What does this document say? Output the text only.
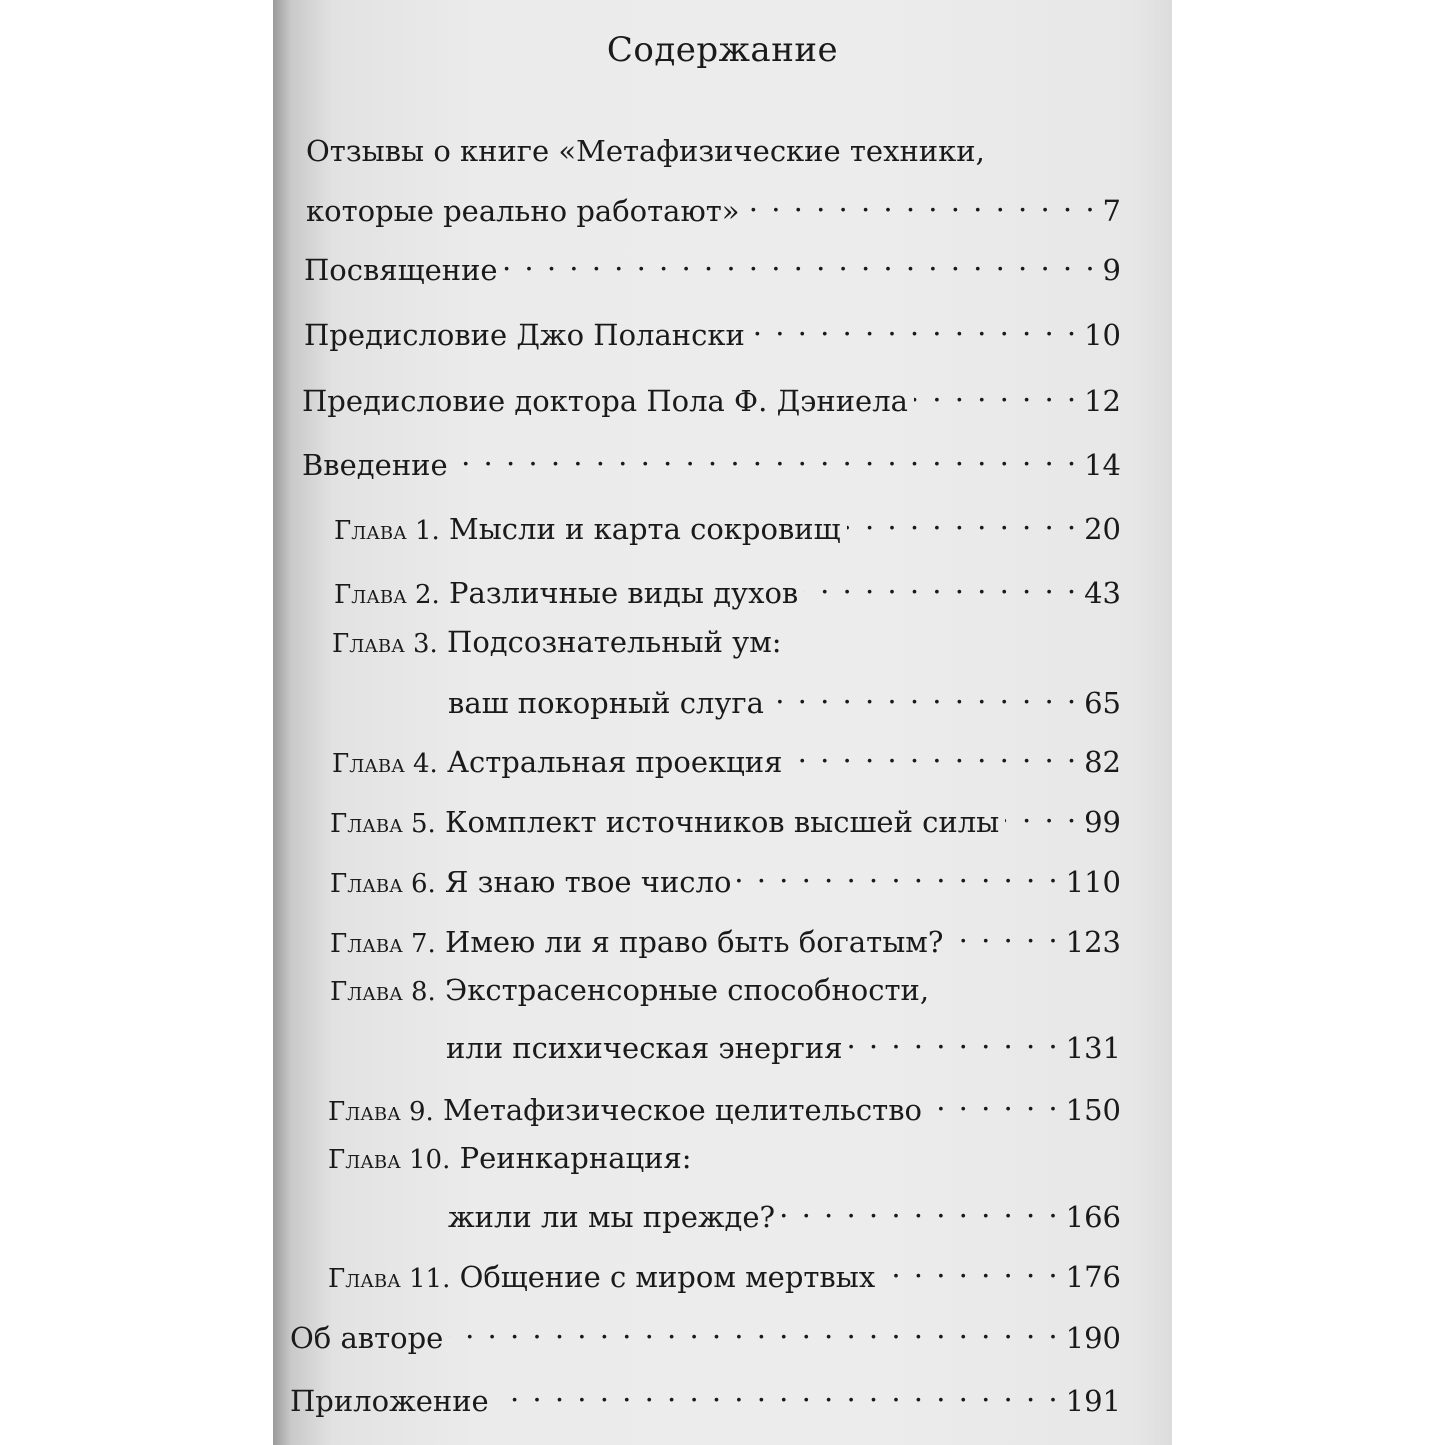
Содержание
Отзывы о книге «Метафизические техники,
которые реально работают» . . .	7
Посвящение . . .	9
Предисловие Джо Полански . . .	10
Предисловие доктора Пола Ф. Дэниела . . .	12
Введение . . .	14
Глава 1. Мысли и карта сокровищ . . .	20
Глава 2. Различные виды духов . . .	43
Глава 3. Подсознательный ум:
ваш покорный слуга . . .	65
Глава 4. Астральная проекция . . .	82
Глава 5. Комплект источников высшей силы . . .	99
Глава 6. Я знаю твое число . . .	110
Глава 7. Имею ли я право быть богатым? . . .	123
Глава 8. Экстрасенсорные способности,
или психическая энергия . . .	131
Глава 9. Метафизическое целительство . . .	150
Глава 10. Реинкарнация:
жили ли мы прежде? . . .	166
Глава 11. Общение с миром мертвых . . .	176
Об авторе . . .	190
Приложение . . .	191
